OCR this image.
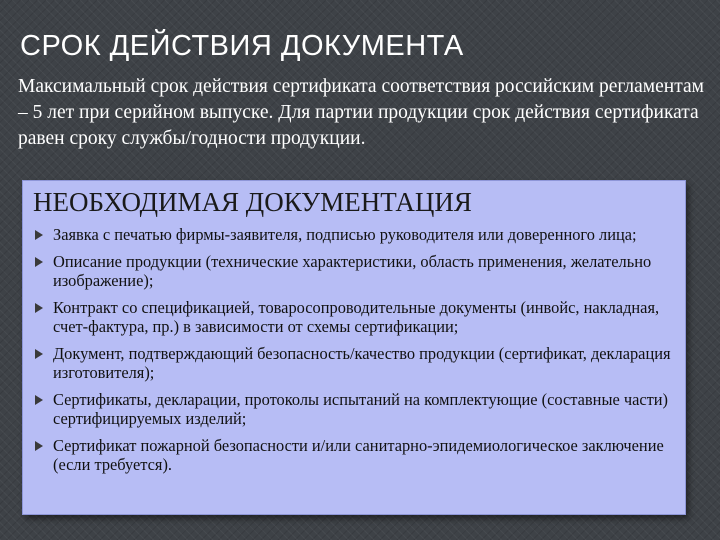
СРОК ДЕЙСТВИЯ ДОКУМЕНТА
Максимальный срок действия сертификата соответствия российским регламентам – 5 лет при серийном выпуске. Для партии продукции срок действия сертификата равен сроку службы/годности продукции.
НЕОБХОДИМАЯ ДОКУМЕНТАЦИЯ
Заявка с печатью фирмы-заявителя, подписью руководителя или доверенного лица;
Описание продукции (технические характеристики, область применения, желательно изображение);
Контракт со спецификацией, товаросопроводительные документы (инвойс, накладная, счет-фактура, пр.) в зависимости от схемы сертификации;
Документ, подтверждающий безопасность/качество продукции (сертификат, декларация изготовителя);
Сертификаты, декларации, протоколы испытаний на комплектующие (составные части) сертифицируемых изделий;
Сертификат пожарной безопасности и/или санитарно-эпидемиологическое заключение (если требуется).
